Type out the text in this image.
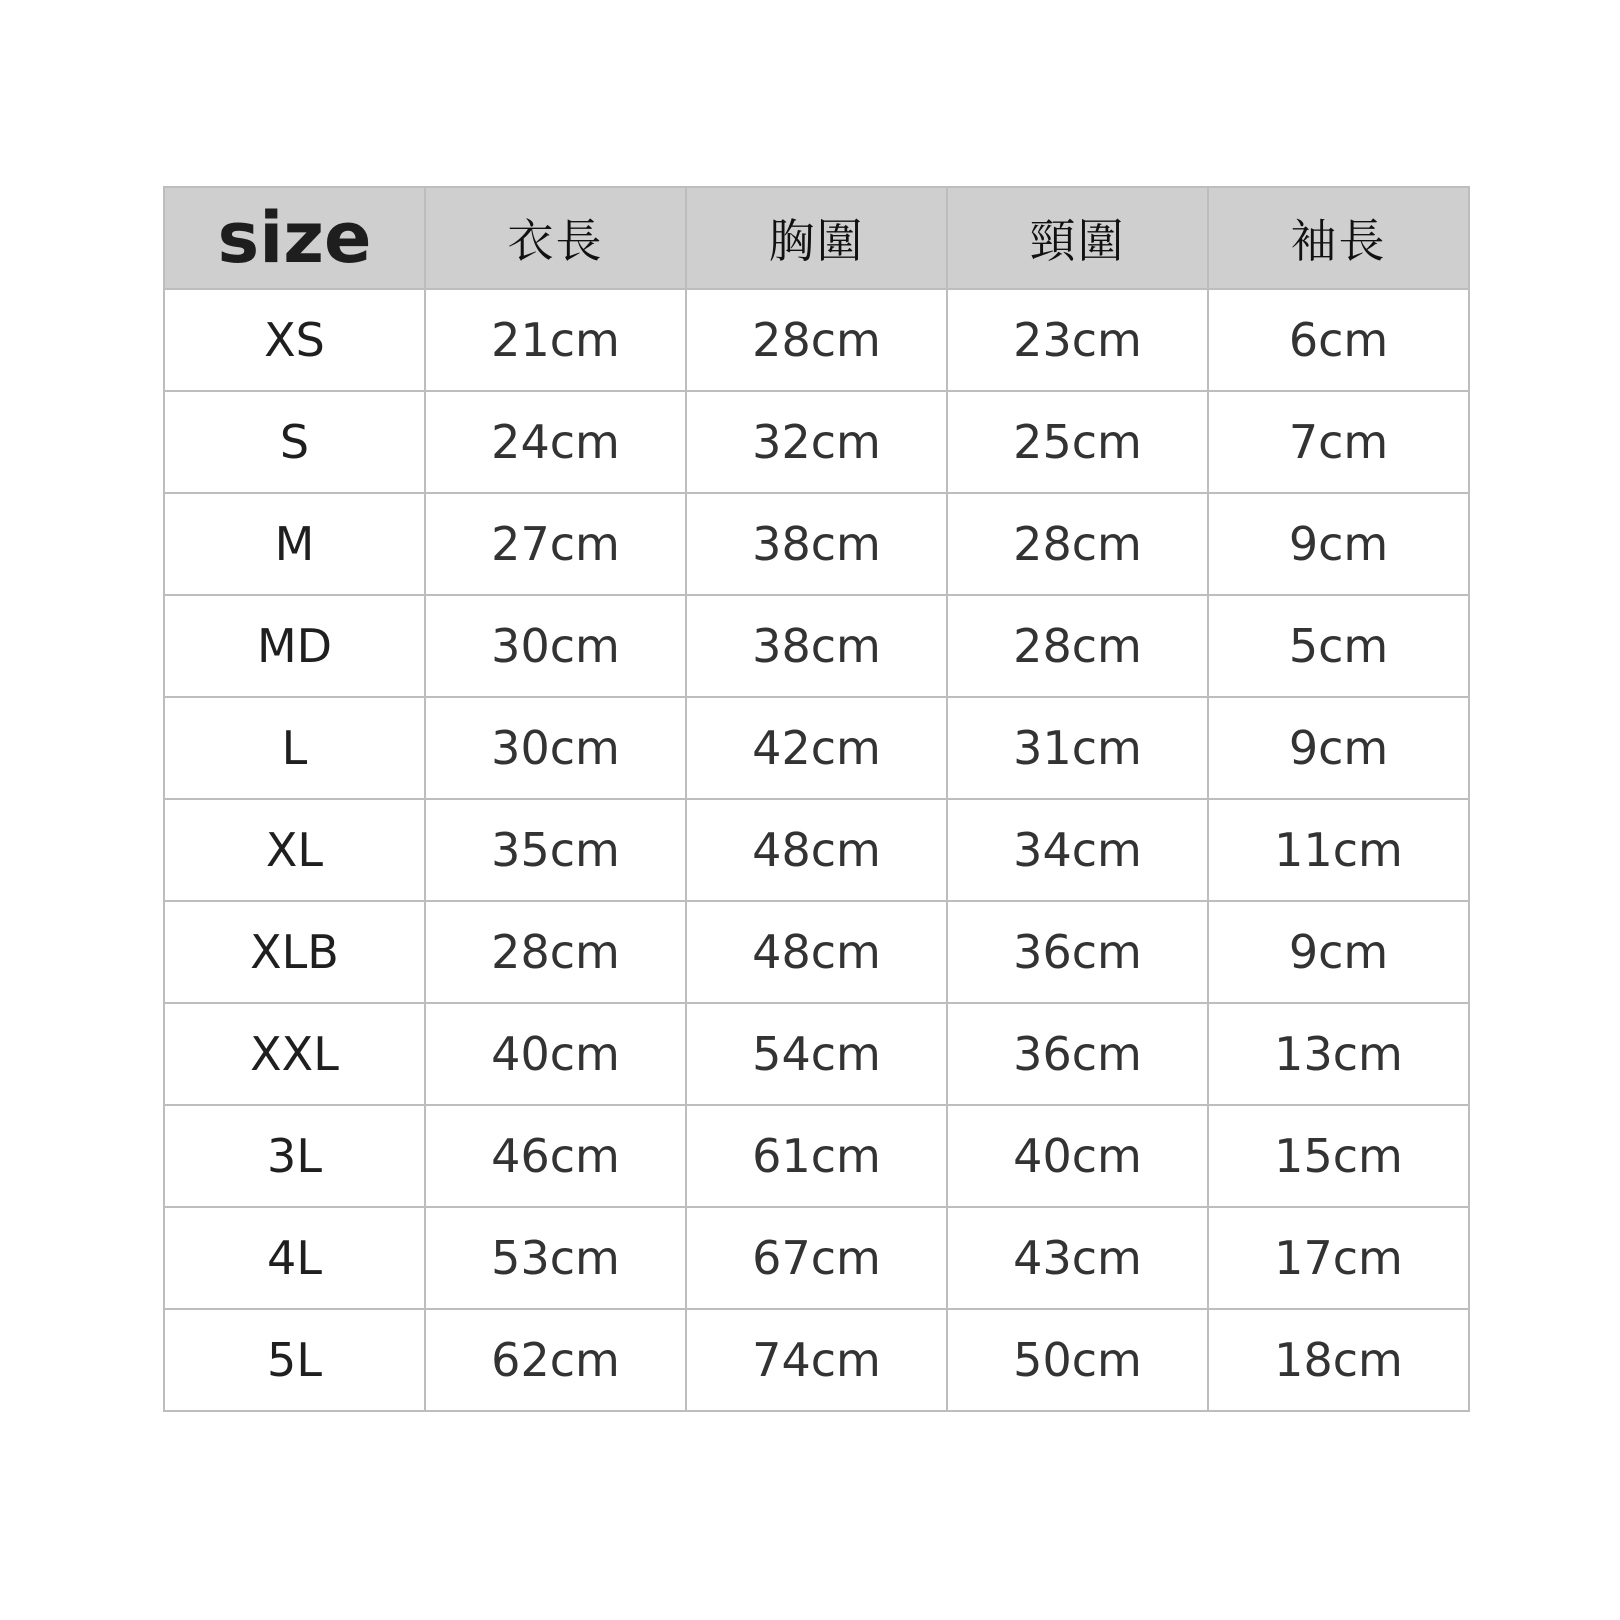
size	衣長	胸圍	頸圍	袖長
XS	21cm	28cm	23cm	6cm
S	24cm	32cm	25cm	7cm
M	27cm	38cm	28cm	9cm
MD	30cm	38cm	28cm	5cm
L	30cm	42cm	31cm	9cm
XL	35cm	48cm	34cm	11cm
XLB	28cm	48cm	36cm	9cm
XXL	40cm	54cm	36cm	13cm
3L	46cm	61cm	40cm	15cm
4L	53cm	67cm	43cm	17cm
5L	62cm	74cm	50cm	18cm
